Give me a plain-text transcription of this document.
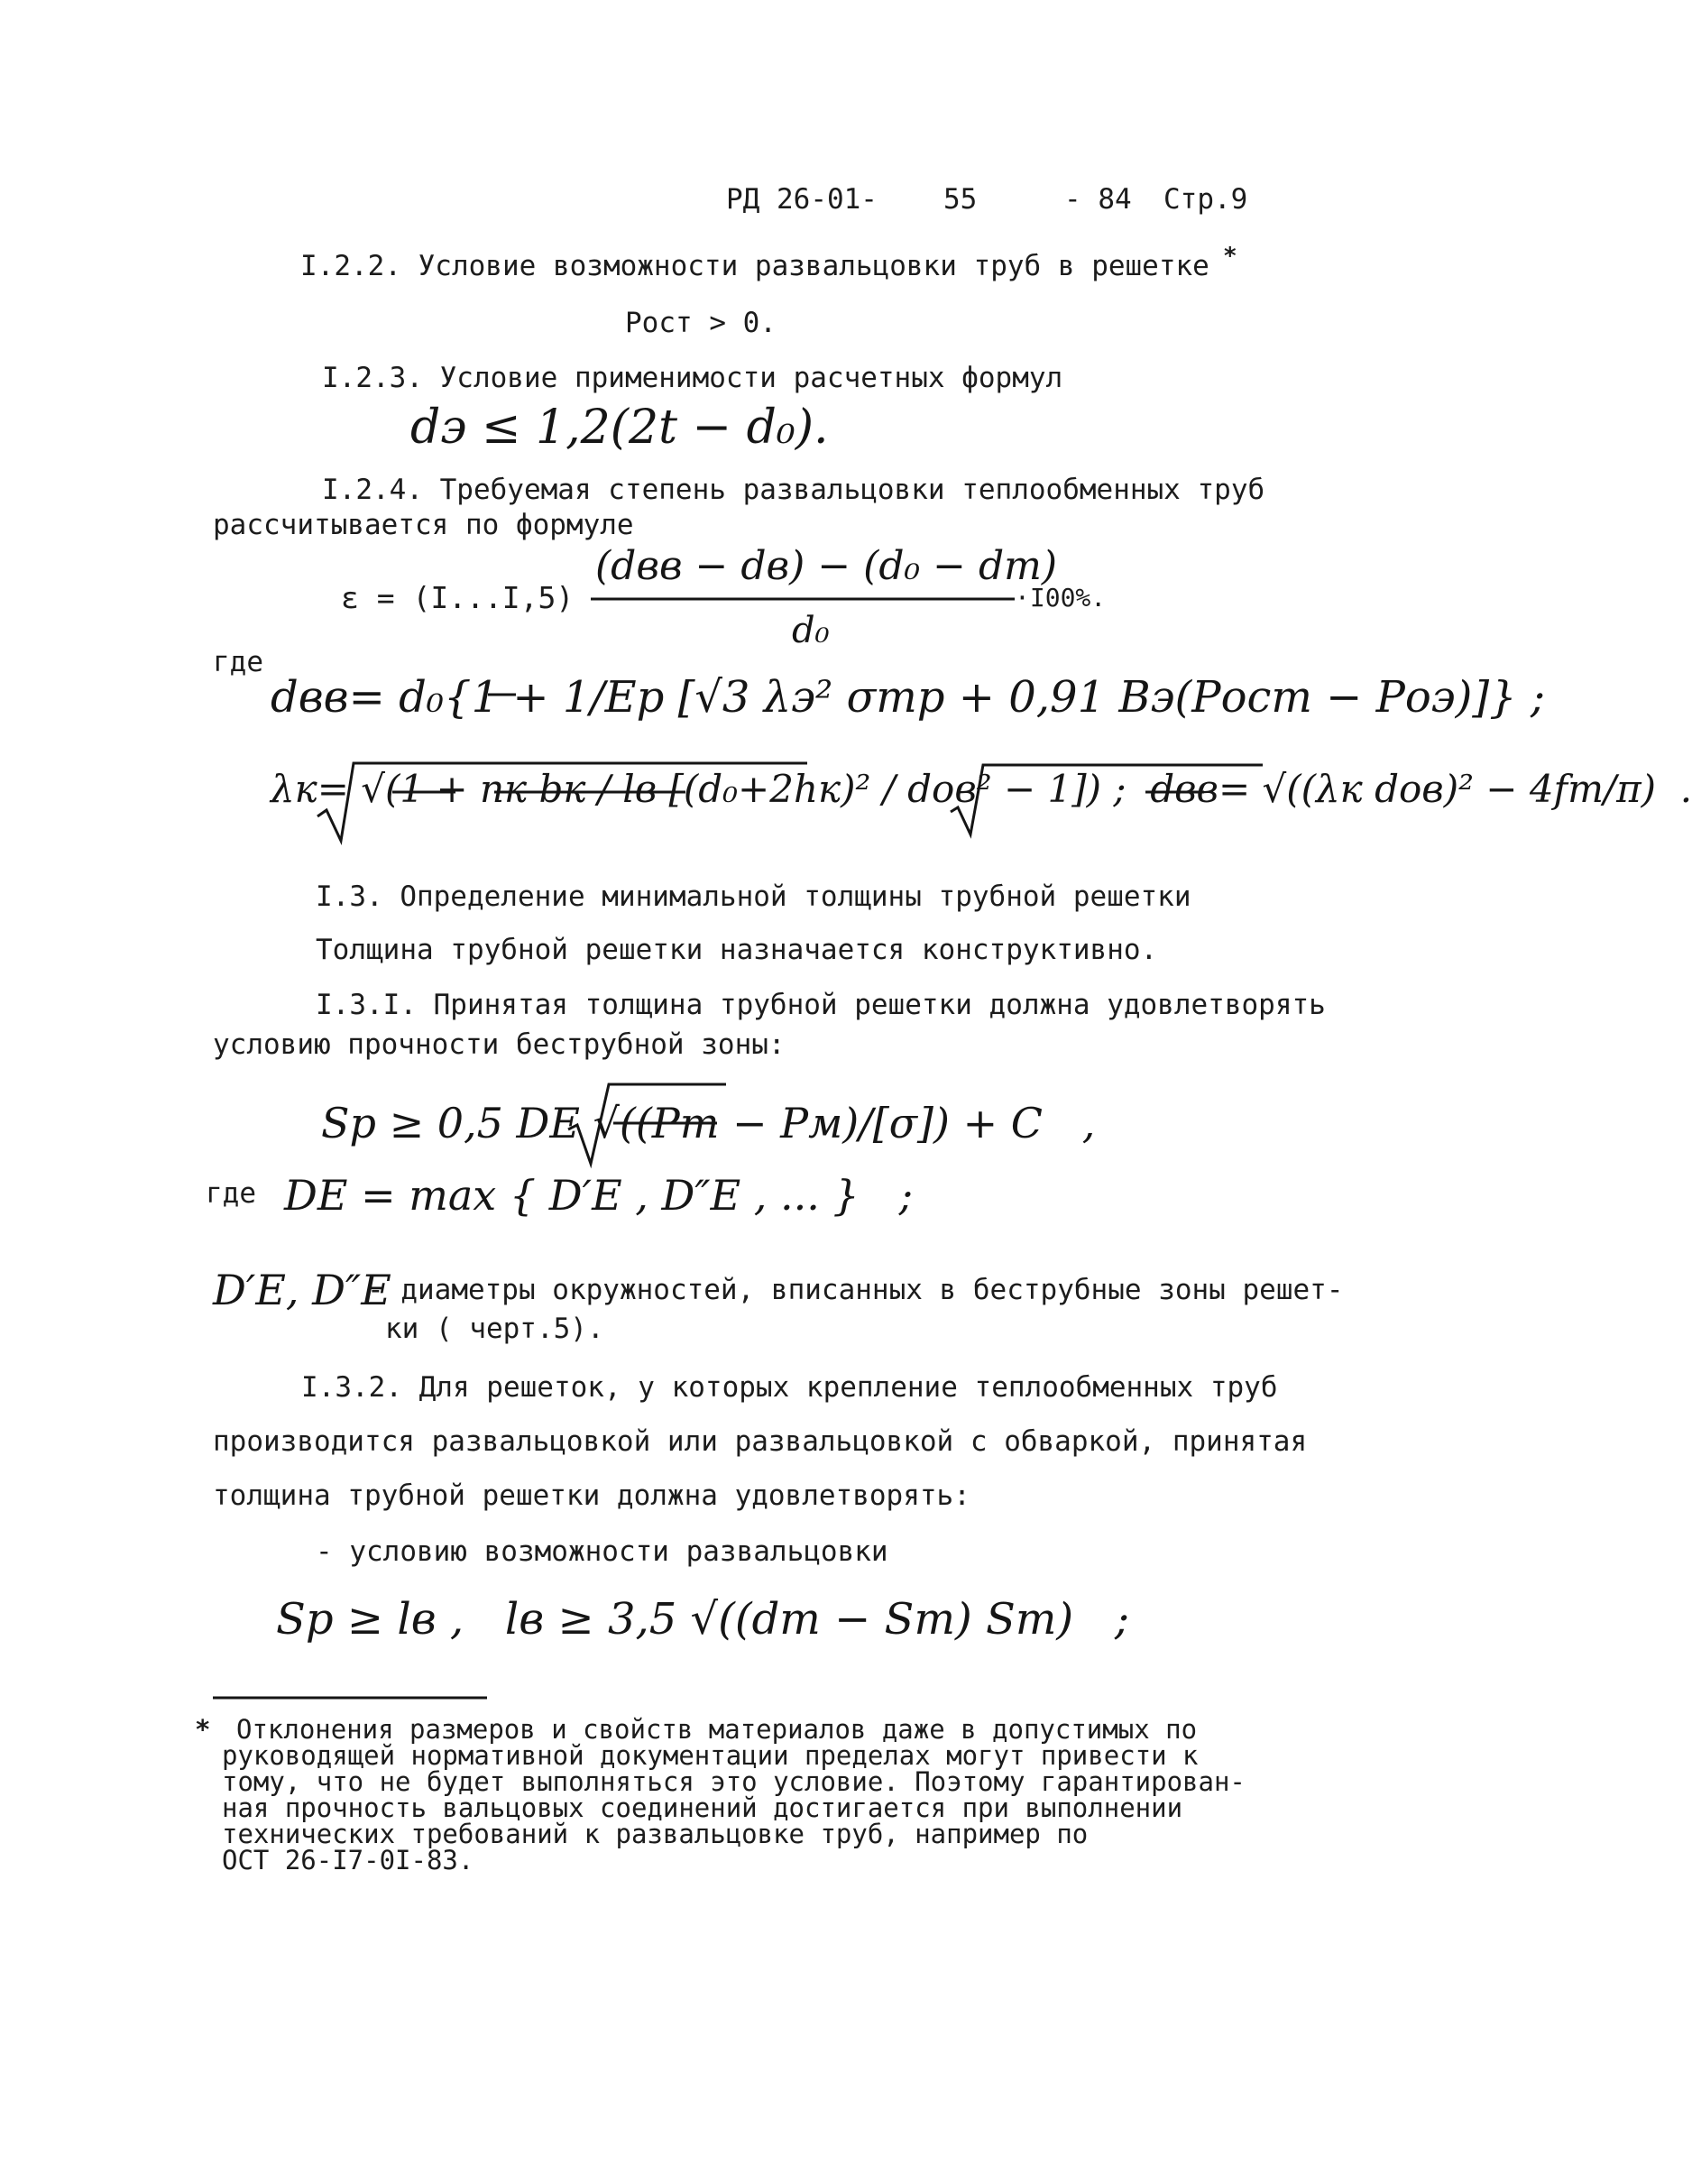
РД 26-01- 55	- 84 Стр.9
I.2.2. Условие возможности развальцовки труб в решетке *
Рост > 0.
I.2.3. Условие применимости расчетных формул
dэ ≤ 1,2(2t − d₀).
I.2.4. Требуемая степень развальцовки теплообменных труб
рассчитывается по формуле
ε = (I...I,5)
(dвв − dв) − (d₀ − dт)
d₀
·I00%.
где
dвв= d₀{1 + 1/Eр [√3 λэ² σтр + 0,91 Bэ(Pост − Pоэ)]} ;
λк= √(1 + nк bк / lв [(d₀+2hк)² / dов² − 1]) ;  dвв= √((λк dов)² − 4fт/π)  .
I.3. Определение минимальной толщины трубной решетки
Толщина трубной решетки назначается конструктивно.
I.3.I. Принятая толщина трубной решетки должна удовлетворять
условию прочности беструбной зоны:
Sр ≥ 0,5 DE √((Pт − Pм)/[σ]) + C   ,
где DE = max { D′E , D″E , ... }   ;
D′E, D″E
- диаметры окружностей, вписанных в беструбные зоны решет-
ки ( черт.5).
I.3.2. Для решеток, у которых крепление теплообменных труб
производится развальцовкой или развальцовкой с обваркой, принятая
толщина трубной решетки должна удовлетворять:
- условию возможности развальцовки
Sр ≥ lв ,   lв ≥ 3,5 √((dт − Sт) Sт)   ;
* Отклонения размеров и свойств материалов даже в допустимых по
руководящей нормативной документации пределах могут привести к
тому, что не будет выполняться это условие. Поэтому гарантирован-
ная прочность вальцовых соединений достигается при выполнении
технических требований к развальцовке труб, например по
ОСТ 26-I7-0I-83.
